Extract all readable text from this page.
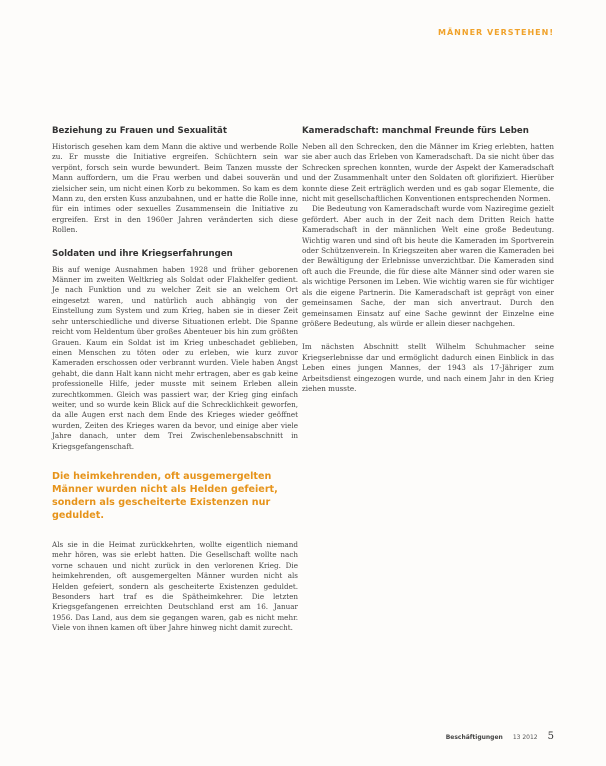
MÄNNER VERSTEHEN!
Beziehung zu Frauen und Sexualität

Historisch gesehen kam dem Mann die aktive und werbende Rolle zu. Er musste die Initiative ergreifen. Schüchtern sein war verpönt, forsch sein wurde bewundert. Beim Tanzen musste der Mann auffordern, um die Frau werben und dabei souverän und zielsicher sein, um nicht einen Korb zu bekommen. So kam es dem Mann zu, den ersten Kuss anzubahnen, und er hatte die Rolle inne, für ein intimes oder sexuelles Zusammensein die Initiative zu ergreifen. Erst in den 1960er Jahren veränderten sich diese Rollen.

Soldaten und ihre Kriegserfahrungen

Bis auf wenige Ausnahmen haben 1928 und früher geborenen Männer im zweiten Weltkrieg als Soldat oder Flakhelfer gedient. Je nach Funktion und zu welcher Zeit sie an welchem Ort eingesetzt waren, und natürlich auch abhängig von der Einstellung zum System und zum Krieg, haben sie in dieser Zeit sehr unterschiedliche und diverse Situationen erlebt. Die Spanne reicht vom Heldentum über großes Abenteuer bis hin zum größten Grauen. Kaum ein Soldat ist im Krieg unbeschadet geblieben, einen Menschen zu töten oder zu erleben, wie kurz zuvor Kameraden erschossen oder verbrannt wurden. Viele haben Angst gehabt, die dann Halt kann nicht mehr ertragen, aber es gab keine professionelle Hilfe, jeder musste mit seinem Erleben allein zurechtkommen. Gleich was passiert war, der Krieg ging einfach weiter, und so wurde kein Blick auf die Schrecklichkeit geworfen, da alle Augen erst nach dem Ende des Krieges wieder geöffnet wurden, Zeiten des Krieges waren da bevor, und einige aber viele Jahre danach, unter dem Trei Zwischenlebensabschnitt in Kriegsgefangenschaft.

Die heimkehrenden, oft ausgemergelten Männer wurden nicht als Helden gefeiert, sondern als gescheiterte Existenzen nur geduldet.

Als sie in die Heimat zurückkehrten, wollte eigentlich niemand mehr hören, was sie erlebt hatten. Die Gesellschaft wollte nach vorne schauen und nicht zurück in den verlorenen Krieg. Die heimkehrenden, oft ausgemergelten Männer wurden nicht als Helden gefeiert, sondern als gescheiterte Existenzen geduldet. Besonders hart traf es die Spätheimkehrer. Die letzten Kriegsgefangenen erreichten Deutschland erst am 16. Januar 1956. Das Land, aus dem sie gegangen waren, gab es nicht mehr. Viele von ihnen kamen oft über Jahre hinweg nicht damit zurecht.

Kameradschaft: manchmal Freunde fürs Leben

Neben all den Schrecken, den die Männer im Krieg erlebten, hatten sie aber auch das Erleben von Kameradschaft. Da sie nicht über das Schrecken sprechen konnten, wurde der Aspekt der Kameradschaft und der Zusammenhalt unter den Soldaten oft glorifiziert. Hierüber konnte diese Zeit erträglich werden und es gab sogar Elemente, die nicht mit gesellschaftlichen Konventionen entsprechenden Normen.

Die Bedeutung von Kameradschaft wurde vom Naziregime gezielt gefördert. Aber auch in der Zeit nach dem Dritten Reich hatte Kameradschaft in der männlichen Welt eine große Bedeutung. Wichtig waren und sind oft bis heute die Kameraden im Sportverein oder Schützenverein. In Kriegszeiten aber waren die Kameraden bei der Bewältigung der Erlebnisse unverzichtbar. Die Kameraden sind oft auch die Freunde, die für diese alte Männer sind oder waren sie als wichtige Personen im Leben. Wie wichtig waren sie für wichtiger als die eigene Partnerin. Die Kameradschaft ist geprägt von einer gemeinsamen Sache, der man sich anvertraut. Durch den gemeinsamen Einsatz auf eine Sache gewinnt der Einzelne eine größere Bedeutung, als würde er allein dieser nachgehen.

Im nächsten Abschnitt stellt Wilhelm Schuhmacher seine Kriegserlebnisse dar und ermöglicht dadurch einen Einblick in das Leben eines jungen Mannes, der 1943 als 17-Jähriger zum Arbeitsdienst eingezogen wurde, und nach einem Jahr in den Krieg ziehen musste.

Beschäftigungen 13 2012 5
